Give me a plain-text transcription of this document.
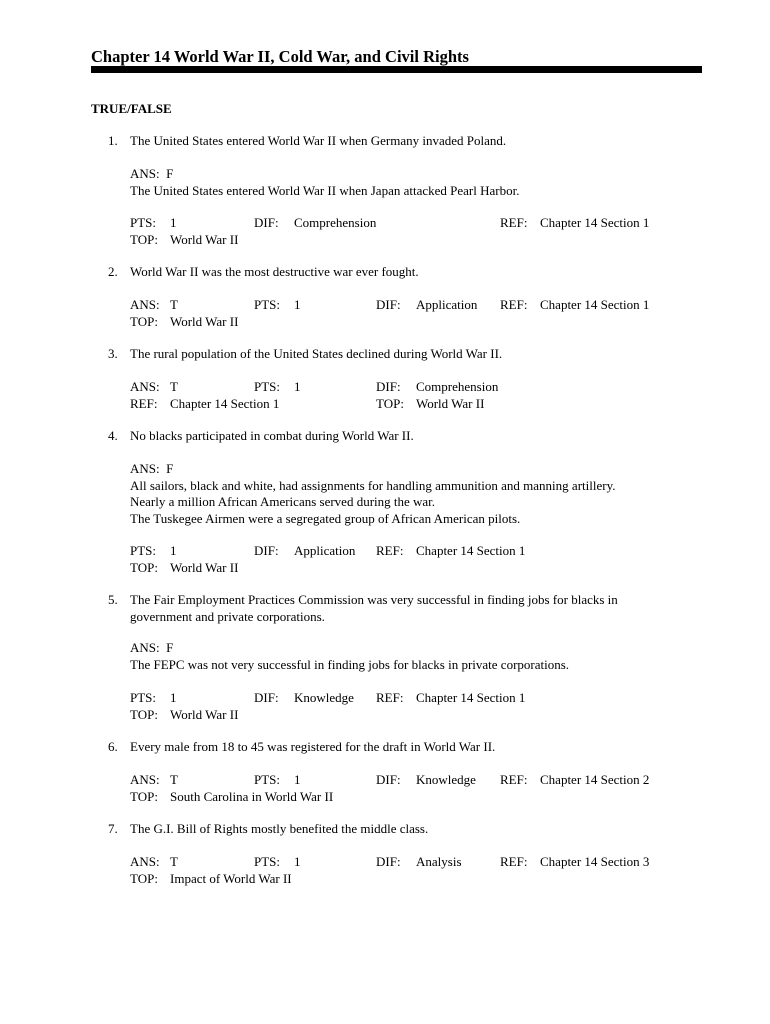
Chapter 14 World War II, Cold War, and Civil Rights
TRUE/FALSE
1. The United States entered World War II when Germany invaded Poland.
ANS: F
The United States entered World War II when Japan attacked Pearl Harbor.
PTS: 1	DIF: Comprehension	REF: Chapter 14 Section 1
TOP: World War II
2. World War II was the most destructive war ever fought.
ANS: T	PTS: 1	DIF: Application REF: Chapter 14 Section 1
TOP: World War II
3. The rural population of the United States declined during World War II.
ANS: T	PTS: 1	DIF: Comprehension
REF: Chapter 14 Section 1	TOP: World War II
4. No blacks participated in combat during World War II.
ANS: F
All sailors, black and white, had assignments for handling ammunition and manning artillery.
Nearly a million African Americans served during the war.
The Tuskegee Airmen were a segregated group of African American pilots.
PTS: 1	DIF: Application REF: Chapter 14 Section 1
TOP: World War II
5. The Fair Employment Practices Commission was very successful in finding jobs for blacks in
government and private corporations.
ANS: F
The FEPC was not very successful in finding jobs for blacks in private corporations.
PTS: 1	DIF: Knowledge REF: Chapter 14 Section 1
TOP: World War II
6. Every male from 18 to 45 was registered for the draft in World War II.
ANS: T	PTS: 1	DIF: Knowledge REF: Chapter 14 Section 2
TOP: South Carolina in World War II
7. The G.I. Bill of Rights mostly benefited the middle class.
ANS: T	PTS: 1	DIF: Analysis	REF: Chapter 14 Section 3
TOP: Impact of World War II
